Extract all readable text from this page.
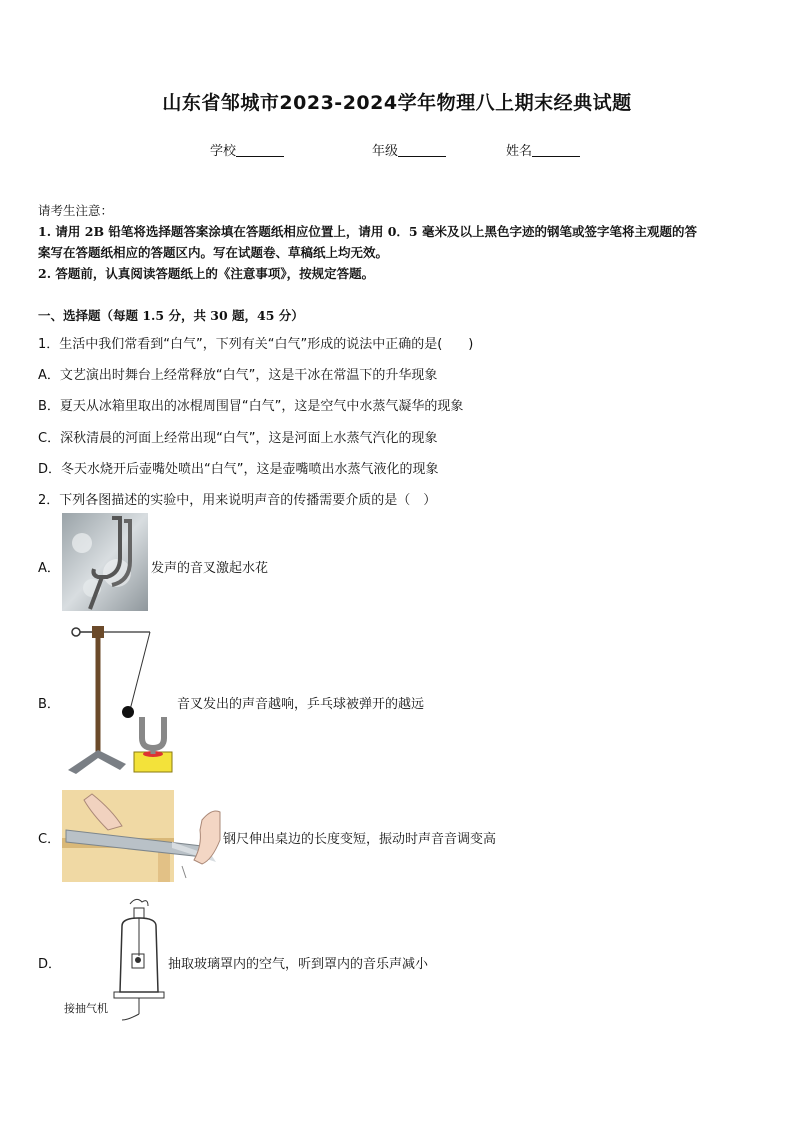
山东省邹城市2023-2024学年物理八上期末经典试题
学校	年级	姓名
请考生注意：
1. 请用 2B 铅笔将选择题答案涂填在答题纸相应位置上，请用 0．5 毫米及以上黑色字迹的钢笔或签字笔将主观题的答
案写在答题纸相应的答题区内。写在试题卷、草稿纸上均无效。
2. 答题前，认真阅读答题纸上的《注意事项》，按规定答题。
一、选择题（每题 1.5 分，共 30 题，45 分）
1．生活中我们常看到“白气”，下列有关“白气”形成的说法中正确的是(　　)
A．文艺演出时舞台上经常释放“白气”，这是干冰在常温下的升华现象
B．夏天从冰箱里取出的冰棍周围冒“白气”，这是空气中水蒸气凝华的现象
C．深秋清晨的河面上经常出现“白气”，这是河面上水蒸气汽化的现象
D．冬天水烧开后壶嘴处喷出“白气”，这是壶嘴喷出水蒸气液化的现象
2．下列各图描述的实验中，用来说明声音的传播需要介质的是（　）
A．	发声的音叉激起水花
B．	音叉发出的声音越响，乒乓球被弹开的越远
C．	钢尺伸出桌边的长度变短，振动时声音音调变高
D．
接抽气机
抽取玻璃罩内的空气，听到罩内的音乐声减小
